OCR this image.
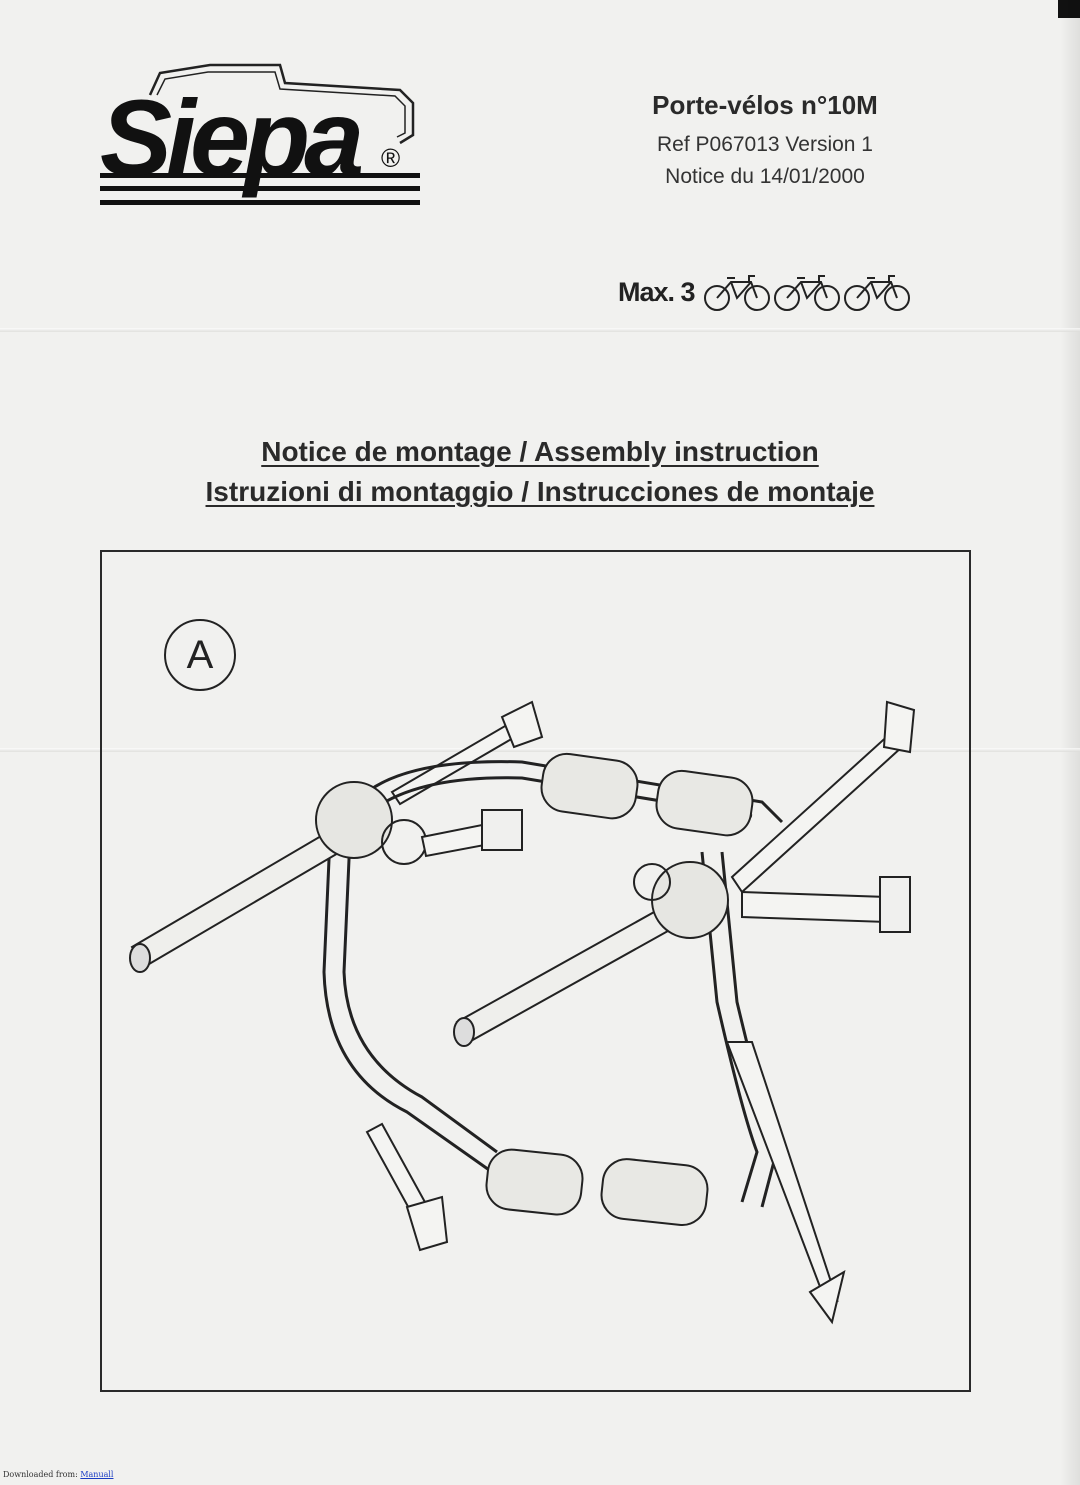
Siepa ®
Porte-vélos n°10M
Ref P067013 Version 1
Notice du 14/01/2000
Max. 3
Notice de montage / Assembly instruction
Istruzioni di montaggio / Instrucciones de montaje
A
Downloaded from: Manuall
